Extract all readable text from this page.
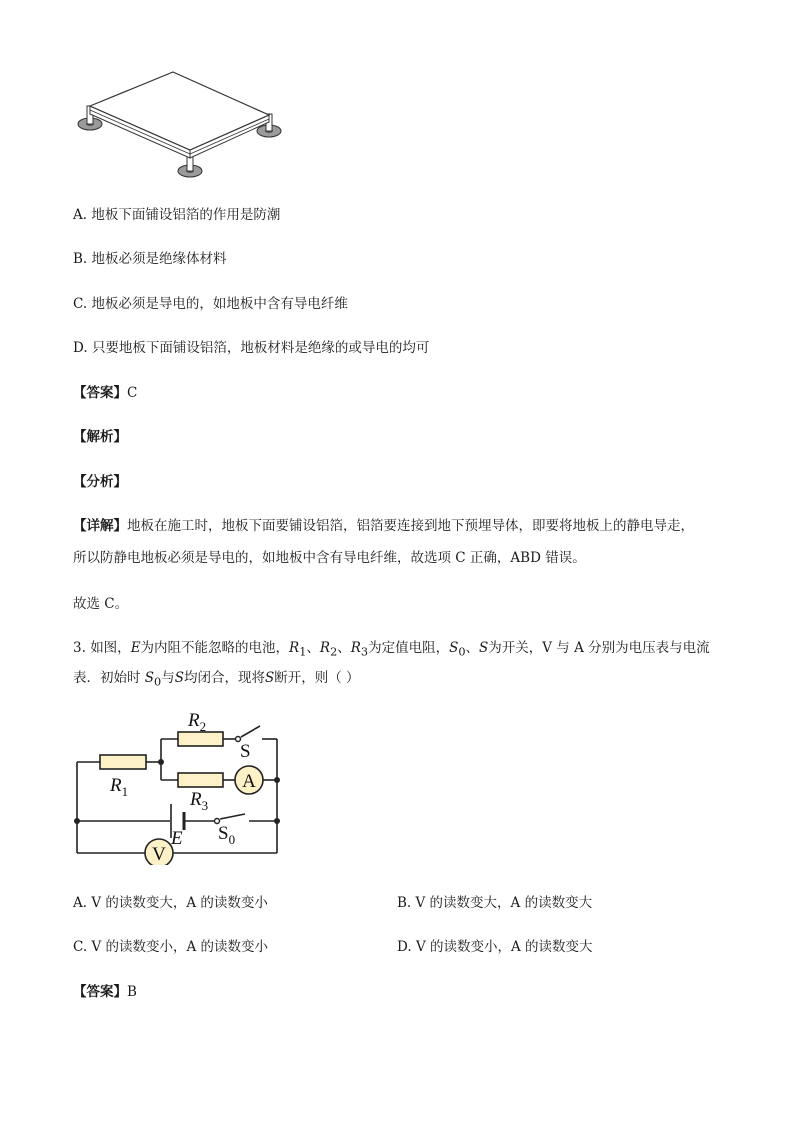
A. 地板下面铺设铝箔的作用是防潮
B. 地板必须是绝缘体材料
C. 地板必须是导电的，如地板中含有导电纤维
D. 只要地板下面铺设铝箔，地板材料是绝缘的或导电的均可
【答案】C
【解析】
【分析】
【详解】地板在施工时，地板下面要铺设铝箔，铝箔要连接到地下预埋导体，即要将地板上的静电导走，
所以防静电地板必须是导电的，如地板中含有导电纤维，故选项 C 正确，ABD 错误。
故选 C。
3. 如图，E为内阻不能忽略的电池，$R_1$、$R_2$、$R_3$为定值电阻，$S_0$、S为开关，V 与 A 分别为电压表与电流
表．初始时 $S_0$与S均闭合，现将S断开，则（ ）
A
V
$R_1$
$R_2$
$R_3$
S
$S_0$
E
A. V 的读数变大，A 的读数变小	B. V 的读数变大，A 的读数变大
C. V 的读数变小，A 的读数变小	D. V 的读数变小，A 的读数变大
【答案】B
